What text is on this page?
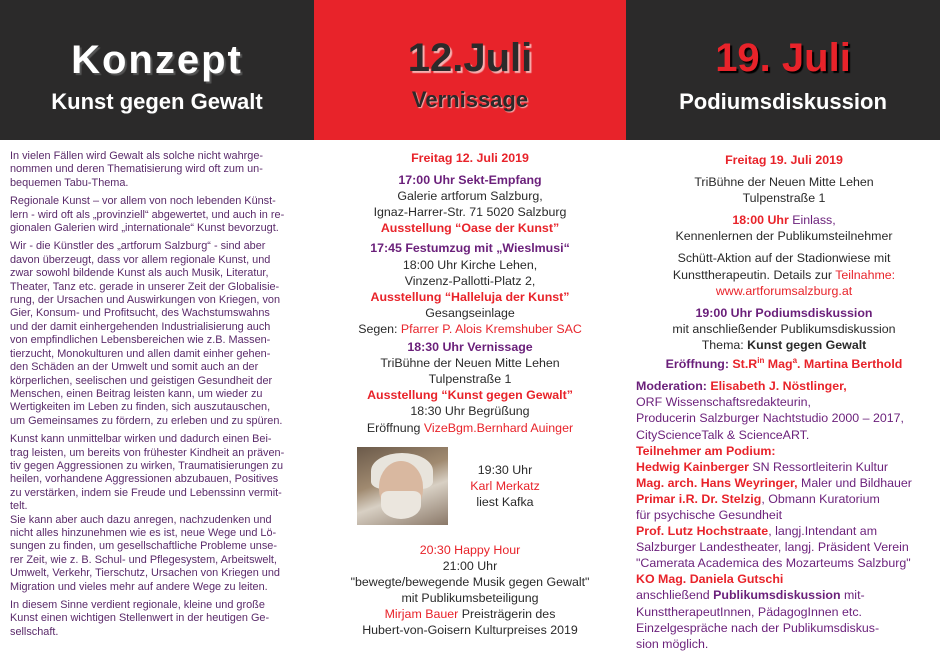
Konzept
Kunst gegen Gewalt
12.Juli
Vernissage
19. Juli
Podiumsdiskussion

In vielen Fällen wird Gewalt als solche nicht wahrge-
nommen und deren Thematisierung wird oft zum un-
bequemen Tabu-Thema.

Regionale Kunst – vor allem von noch lebenden Künst-
lern - wird oft als „provinziell“ abgewertet, und auch in re-
gionalen Galerien wird „internationale“ Kunst bevorzugt.

Wir - die Künstler des „artforum Salzburg“ - sind aber
davon überzeugt, dass vor allem regionale Kunst, und
zwar sowohl bildende Kunst als auch Musik, Literatur,
Theater, Tanz etc. gerade in unserer Zeit der Globalisie-
rung, der Ursachen und Auswirkungen von Kriegen, von
Gier, Konsum- und Profitsucht, des Wachstumswahns
und der damit einhergehenden Industrialisierung auch
von empfindlichen Lebensbereichen wie z.B. Massen-
tierzucht, Monokulturen und allen damit einher gehen-
den Schäden an der Umwelt und somit auch an der
körperlichen, seelischen und geistigen Gesundheit der
Menschen, einen Beitrag leisten kann, um wieder zu
Wertigkeiten im Leben zu finden, sich auszutauschen,
um Gemeinsames zu fördern, zu erleben und zu spüren.

Kunst kann unmittelbar wirken und dadurch einen Bei-
trag leisten, um bereits von frühester Kindheit an präven-
tiv gegen Aggressionen zu wirken, Traumatisierungen zu
heilen, vorhandene Aggressionen abzubauen, Positives
zu verstärken, indem sie Freude und Lebenssinn vermit-
telt.
Sie kann aber auch dazu anregen, nachzudenken und
nicht alles hinzunehmen wie es ist, neue Wege und Lö-
sungen zu finden, um gesellschaftliche Probleme unse-
rer Zeit, wie z. B. Schul- und Pflegesystem, Arbeitswelt,
Umwelt, Verkehr, Tierschutz, Ursachen von Kriegen und
Migration und vieles mehr auf andere Wege zu leiten.

In diesem Sinne verdient regionale, kleine und große
Kunst einen wichtigen Stellenwert in der heutigen Ge-
sellschaft.

Freitag 12. Juli 2019
17:00 Uhr Sekt-Empfang
Galerie artforum Salzburg,
Ignaz-Harrer-Str. 71 5020 Salzburg
Ausstellung “Oase der Kunst”
17:45 Festumzug mit „Wieslmusi“
18:00 Uhr Kirche Lehen,
Vinzenz-Pallotti-Platz 2,
Ausstellung “Halleluja der Kunst”
Gesangseinlage
Segen: Pfarrer P. Alois Kremshuber SAC
18:30 Uhr Vernissage
TriBühne der Neuen Mitte Lehen
Tulpenstraße 1
Ausstellung “Kunst gegen Gewalt”
18:30 Uhr Begrüßung
Eröffnung VizeBgm.Bernhard Auinger
19:30 Uhr
Karl Merkatz
liest Kafka
20:30 Happy Hour
21:00 Uhr
"bewegte/bewegende Musik gegen Gewalt"
mit Publikumsbeteiligung
Mirjam Bauer Preisträgerin des
Hubert-von-Goisern Kulturpreises 2019
Freitag 19. Juli 2019
TriBühne der Neuen Mitte Lehen
Tulpenstraße 1
18:00 Uhr Einlass,
Kennenlernen der Publikumsteilnehmer
Schütt-Aktion auf der Stadionwiese mit
Kunsttherapeutin. Details zur Teilnahme:
www.artforumsalzburg.at
19:00 Uhr Podiumsdiskussion
mit anschließender Publikumsdiskussion
Thema: Kunst gegen Gewalt
Eröffnung: $St.R^{in}$ Mag$^a$. Martina Berthold
Moderation: Elisabeth J. Nöstlinger,
ORF Wissenschaftsredakteurin,
Producerin Salzburger Nachtstudio 2000 – 2017,
CityScienceTalk & ScienceART.
Teilnehmer am Podium:
Hedwig Kainberger SN Ressortleiterin Kultur
Mag. arch. Hans Weyringer, Maler und Bildhauer
Primar i.R. Dr. Stelzig, Obmann Kuratorium
für psychische Gesundheit
Prof. Lutz Hochstraate, langj.Intendant am
Salzburger Landestheater, langj. Präsident Verein
"Camerata Academica des Mozarteums Salzburg"
KO Mag. Daniela Gutschi
anschließend Publikumsdiskussion mit-
KunsttherapeutInnen, PädagogInnen etc.
Einzelgespräche nach der Publikumsdiskus-
sion möglich.
